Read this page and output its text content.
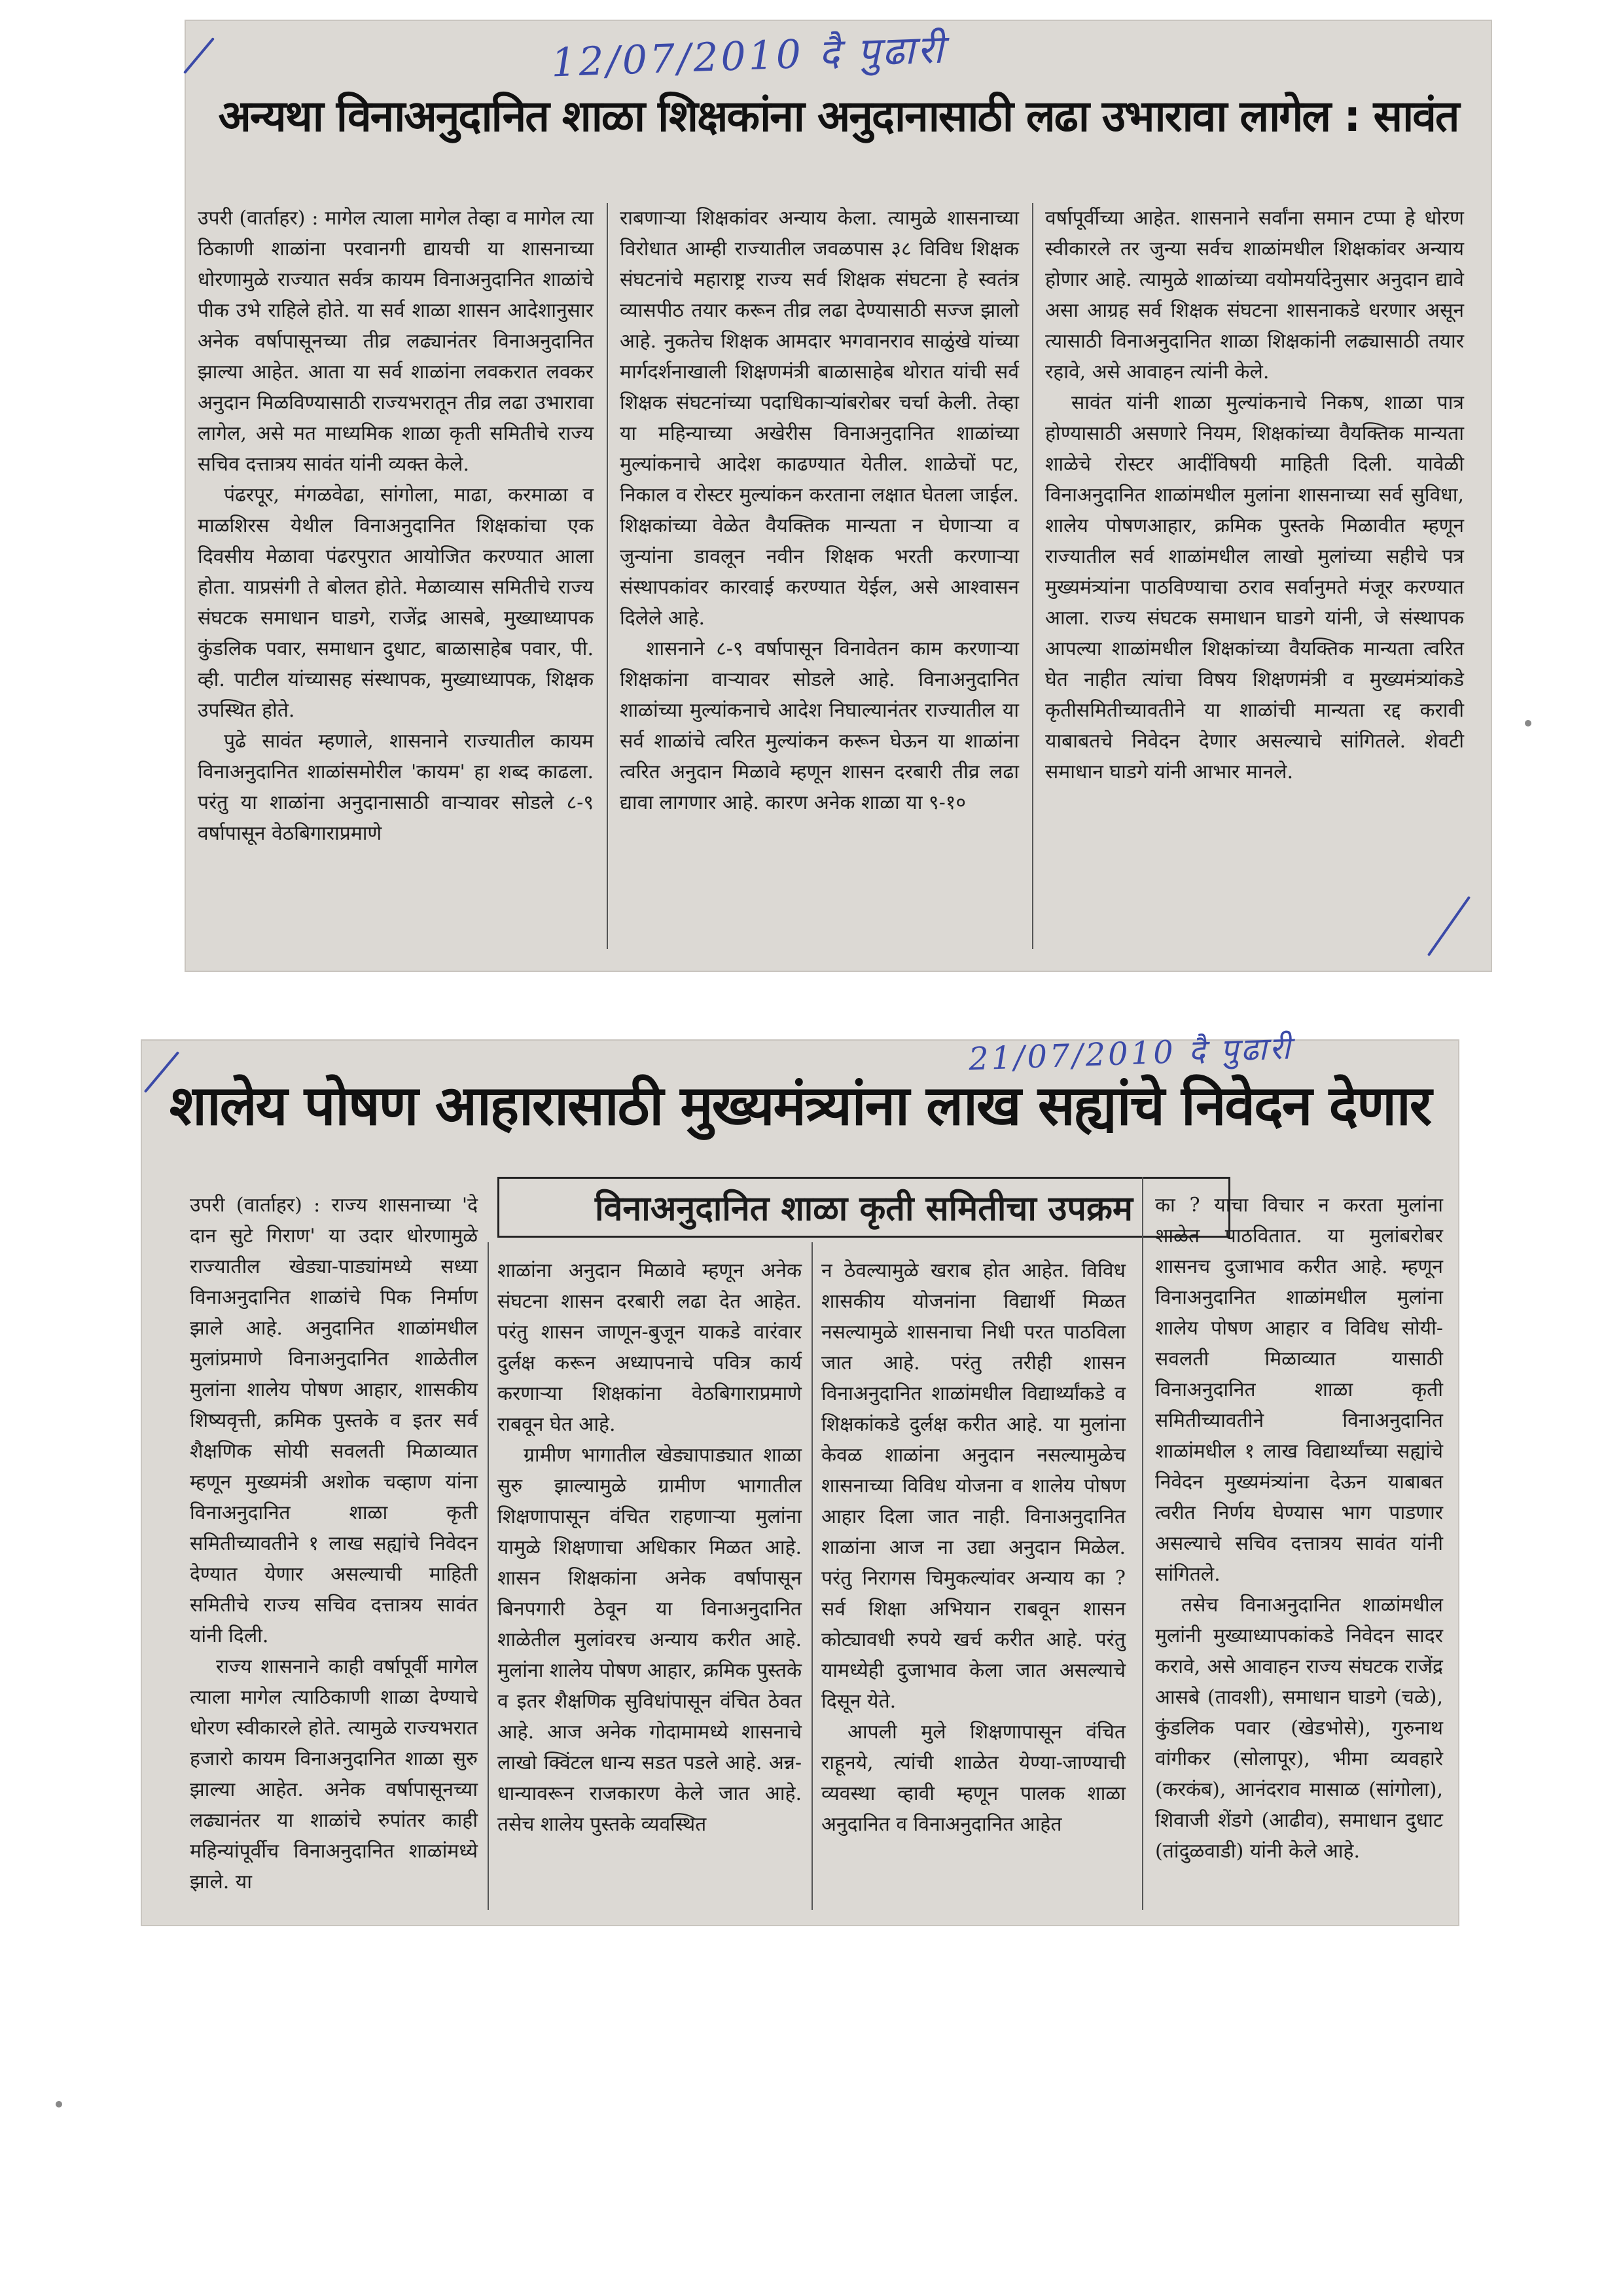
12/07/2010 दै पुढारी
अन्यथा विनाअनुदानित शाळा शिक्षकांना अनुदानासाठी लढा उभारावा लागेल : सावंत

उपरी (वार्ताहर) : मागेल त्याला मागेल तेव्हा व मागेल त्या ठिकाणी शाळांना परवानगी द्यायची या शासनाच्या धोरणामुळे राज्यात सर्वत्र कायम विनाअनुदानित शाळांचे पीक उभे राहिले होते. या सर्व शाळा शासन आदेशानुसार अनेक वर्षापासूनच्या तीव्र लढ्यानंतर विनाअनुदानित झाल्या आहेत. आता या सर्व शाळांना लवकरात लवकर अनुदान मिळविण्यासाठी राज्यभरातून तीव्र लढा उभारावा लागेल, असे मत माध्यमिक शाळा कृती समितीचे राज्य सचिव दत्तात्रय सावंत यांनी व्यक्त केले.

पंढरपूर, मंगळवेढा, सांगोला, माढा, करमाळा व माळशिरस येथील विनाअनुदानित शिक्षकांचा एक दिवसीय मेळावा पंढरपुरात आयोजित करण्यात आला होता. याप्रसंगी ते बोलत होते. मेळाव्यास समितीचे राज्य संघटक समाधान घाडगे, राजेंद्र आसबे, मुख्याध्यापक कुंडलिक पवार, समाधान दुधाट, बाळासाहेब पवार, पी. व्ही. पाटील यांच्यासह संस्थापक, मुख्याध्यापक, शिक्षक उपस्थित होते.

पुढे सावंत म्हणाले, शासनाने राज्यातील कायम विनाअनुदानित शाळांसमोरील 'कायम' हा शब्द काढला. परंतु या शाळांना अनुदानासाठी वाऱ्यावर सोडले ८-९ वर्षापासून वेठबिगाराप्रमाणे

राबणाऱ्या शिक्षकांवर अन्याय केला. त्यामुळे शासनाच्या विरोधात आम्ही राज्यातील जवळपास ३८ विविध शिक्षक संघटनांचे महाराष्ट्र राज्य सर्व शिक्षक संघटना हे स्वतंत्र व्यासपीठ तयार करून तीव्र लढा देण्यासाठी सज्ज झालो आहे. नुकतेच शिक्षक आमदार भगवानराव साळुंखे यांच्या मार्गदर्शनाखाली शिक्षणमंत्री बाळासाहेब थोरात यांची सर्व शिक्षक संघटनांच्या पदाधिकाऱ्यांबरोबर चर्चा केली. तेव्हा या महिन्याच्या अखेरीस विनाअनुदानित शाळांच्या मुल्यांकनाचे आदेश काढण्यात येतील. शाळेचों पट, निकाल व रोस्टर मुल्यांकन करताना लक्षात घेतला जाईल. शिक्षकांच्या वेळेत वैयक्तिक मान्यता न घेणाऱ्या व जुन्यांना डावलून नवीन शिक्षक भरती करणाऱ्या संस्थापकांवर कारवाई करण्यात येईल, असे आश्वासन दिलेले आहे.

शासनाने ८-९ वर्षापासून विनावेतन काम करणाऱ्या शिक्षकांना वाऱ्यावर सोडले आहे. विनाअनुदानित शाळांच्या मुल्यांकनाचे आदेश निघाल्यानंतर राज्यातील या सर्व शाळांचे त्वरित मुल्यांकन करून घेऊन या शाळांना त्वरित अनुदान मिळावे म्हणून शासन दरबारी तीव्र लढा द्यावा लागणार आहे. कारण अनेक शाळा या ९-१०

वर्षापूर्वीच्या आहेत. शासनाने सर्वांना समान टप्पा हे धोरण स्वीकारले तर जुन्या सर्वच शाळांमधील शिक्षकांवर अन्याय होणार आहे. त्यामुळे शाळांच्या वयोमर्यादेनुसार अनुदान द्यावे असा आग्रह सर्व शिक्षक संघटना शासनाकडे धरणार असून त्यासाठी विनाअनुदानित शाळा शिक्षकांनी लढ्यासाठी तयार रहावे, असे आवाहन त्यांनी केले.

सावंत यांनी शाळा मुल्यांकनाचे निकष, शाळा पात्र होण्यासाठी असणारे नियम, शिक्षकांच्या वैयक्तिक मान्यता शाळेचे रोस्टर आदींविषयी माहिती दिली. यावेळी विनाअनुदानित शाळांमधील मुलांना शासनाच्या सर्व सुविधा, शालेय पोषणआहार, क्रमिक पुस्तके मिळावीत म्हणून राज्यातील सर्व शाळांमधील लाखो मुलांच्या सहीचे पत्र मुख्यमंत्र्यांना पाठविण्याचा ठराव सर्वानुमते मंजूर करण्यात आला. राज्य संघटक समाधान घाडगे यांनी, जे संस्थापक आपल्या शाळांमधील शिक्षकांच्या वैयक्तिक मान्यता त्वरित घेत नाहीत त्यांचा विषय शिक्षणमंत्री व मुख्यमंत्र्यांकडे कृतीसमितीच्यावतीने या शाळांची मान्यता रद्द करावी याबाबतचे निवेदन देणार असल्याचे सांगितले. शेवटी समाधान घाडगे यांनी आभार मानले.

21/07/2010 दै पुढारी
शालेय पोषण आहारासाठी मुख्यमंत्र्यांना लाख सह्यांचे निवेदन देणार
विनाअनुदानित शाळा कृती समितीचा उपक्रम

उपरी (वार्ताहर) : राज्य शासनाच्या 'दे दान सुटे गिराण' या उदार धोरणामुळे राज्यातील खेड्या-पाड्यांमध्ये सध्या विनाअनुदानित शाळांचे पिक निर्माण झाले आहे. अनुदानित शाळांमधील मुलांप्रमाणे विनाअनुदानित शाळेतील मुलांना शालेय पोषण आहार, शासकीय शिष्यवृत्ती, क्रमिक पुस्तके व इतर सर्व शैक्षणिक सोयी सवलती मिळाव्यात म्हणून मुख्यमंत्री अशोक चव्हाण यांना विनाअनुदानित शाळा कृती समितीच्यावतीने १ लाख सह्यांचे निवेदन देण्यात येणार असल्याची माहिती समितीचे राज्य सचिव दत्तात्रय सावंत यांनी दिली.

राज्य शासनाने काही वर्षापूर्वी मागेल त्याला मागेल त्याठिकाणी शाळा देण्याचे धोरण स्वीकारले होते. त्यामुळे राज्यभरात हजारो कायम विनाअनुदानित शाळा सुरु झाल्या आहेत. अनेक वर्षापासूनच्या लढ्यानंतर या शाळांचे रुपांतर काही महिन्यांपूर्वीच विनाअनुदानित शाळांमध्ये झाले. या

शाळांना अनुदान मिळावे म्हणून अनेक संघटना शासन दरबारी लढा देत आहेत. परंतु शासन जाणून-बुजून याकडे वारंवार दुर्लक्ष करून अध्यापनाचे पवित्र कार्य करणाऱ्या शिक्षकांना वेठबिगाराप्रमाणे राबवून घेत आहे.

ग्रामीण भागातील खेड्यापाड्यात शाळा सुरु झाल्यामुळे ग्रामीण भागातील शिक्षणापासून वंचित राहणाऱ्या मुलांना यामुळे शिक्षणाचा अधिकार मिळत आहे. शासन शिक्षकांना अनेक वर्षापासून बिनपगारी ठेवून या विनाअनुदानित शाळेतील मुलांवरच अन्याय करीत आहे. मुलांना शालेय पोषण आहार, क्रमिक पुस्तके व इतर शैक्षणिक सुविधांपासून वंचित ठेवत आहे. आज अनेक गोदामामध्ये शासनाचे लाखो क्विंटल धान्य सडत पडले आहे. अन्न-धान्यावरून राजकारण केले जात आहे. तसेच शालेय पुस्तके व्यवस्थित

न ठेवल्यामुळे खराब होत आहेत. विविध शासकीय योजनांना विद्यार्थी मिळत नसल्यामुळे शासनाचा निधी परत पाठविला जात आहे. परंतु तरीही शासन विनाअनुदानित शाळांमधील विद्यार्थ्यांकडे व शिक्षकांकडे दुर्लक्ष करीत आहे. या मुलांना केवळ शाळांना अनुदान नसल्यामुळेच शासनाच्या विविध योजना व शालेय पोषण आहार दिला जात नाही. विनाअनुदानित शाळांना आज ना उद्या अनुदान मिळेल. परंतु निरागस चिमुकल्यांवर अन्याय का ? सर्व शिक्षा अभियान राबवून शासन कोट्यावधी रुपये खर्च करीत आहे. परंतु यामध्येही दुजाभाव केला जात असल्याचे दिसून येते.

आपली मुले शिक्षणापासून वंचित राहूनये, त्यांची शाळेत येण्या-जाण्याची व्यवस्था व्हावी म्हणून पालक शाळा अनुदानित व विनाअनुदानित आहेत

का ? याचा विचार न करता मुलांना शाळेत पाठवितात. या मुलांबरोबर शासनच दुजाभाव करीत आहे. म्हणून विनाअनुदानित शाळांमधील मुलांना शालेय पोषण आहार व विविध सोयी-सवलती मिळाव्यात यासाठी विनाअनुदानित शाळा कृती समितीच्यावतीने विनाअनुदानित शाळांमधील १ लाख विद्यार्थ्यांच्या सह्यांचे निवेदन मुख्यमंत्र्यांना देऊन याबाबत त्वरीत निर्णय घेण्यास भाग पाडणार असल्याचे सचिव दत्तात्रय सावंत यांनी सांगितले.

तसेच विनाअनुदानित शाळांमधील मुलांनी मुख्याध्यापकांकडे निवेदन सादर करावे, असे आवाहन राज्य संघटक राजेंद्र आसबे (तावशी), समाधान घाडगे (चळे), कुंडलिक पवार (खेडभोसे), गुरुनाथ वांगीकर (सोलापूर), भीमा व्यवहारे (करकंब), आनंदराव मासाळ (सांगोला), शिवाजी शेंडगे (आढीव), समाधान दुधाट (तांदुळवाडी) यांनी केले आहे.
